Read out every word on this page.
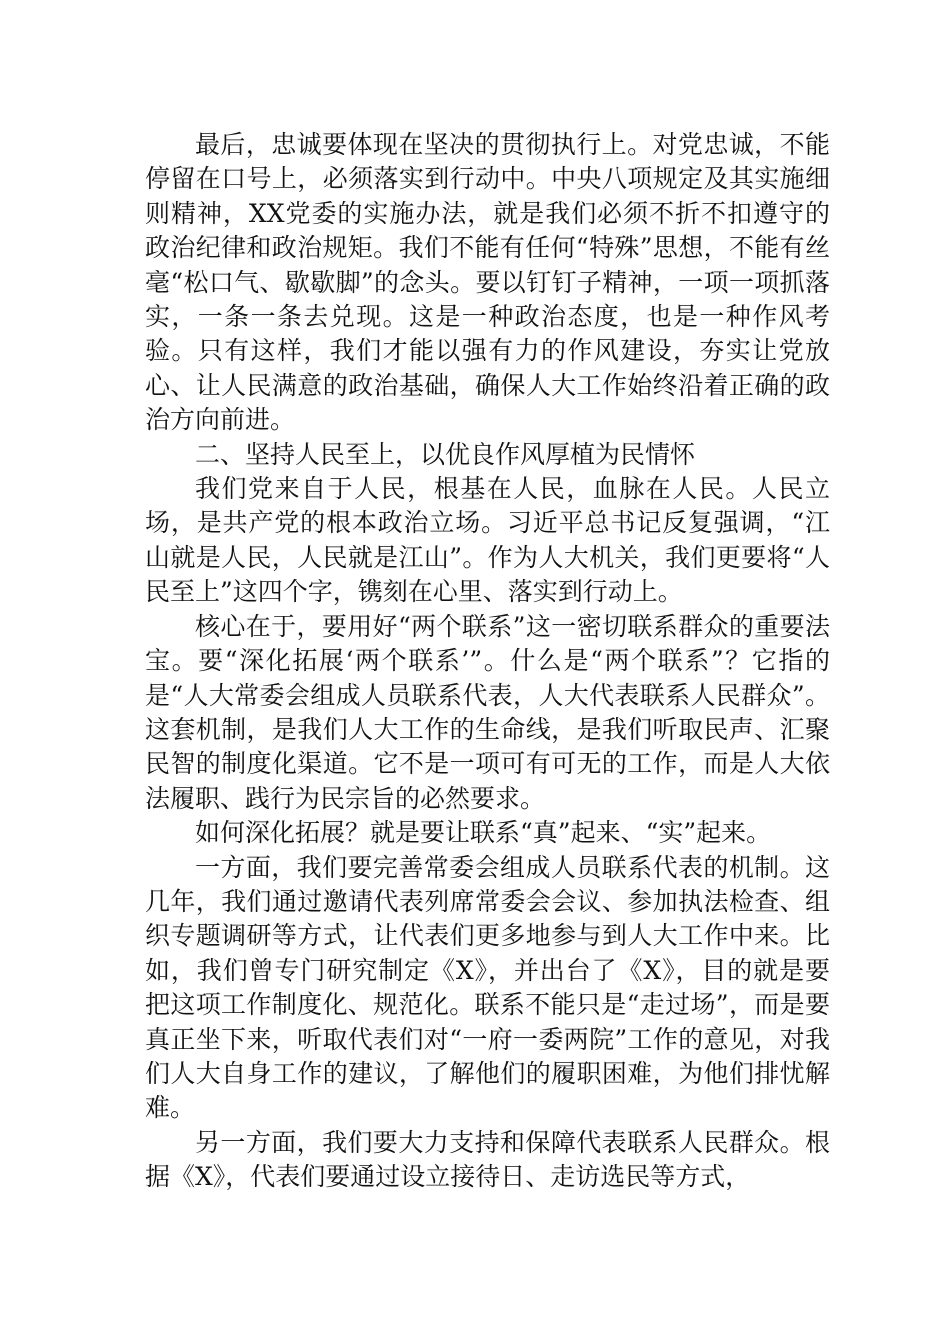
最后，忠诚要体现在坚决的贯彻执行上。对党忠诚，不能停留在口号上，必须落实到行动中。中央八项规定及其实施细则精神，XX党委的实施办法，就是我们必须不折不扣遵守的政治纪律和政治规矩。我们不能有任何“特殊”思想，不能有丝毫“松口气、歇歇脚”的念头。要以钉钉子精神，一项一项抓落实，一条一条去兑现。这是一种政治态度，也是一种作风考验。只有这样，我们才能以强有力的作风建设，夯实让党放心、让人民满意的政治基础，确保人大工作始终沿着正确的政治方向前进。

二、坚持人民至上，以优良作风厚植为民情怀

我们党来自于人民，根基在人民，血脉在人民。人民立场，是共产党的根本政治立场。习近平总书记反复强调，“江山就是人民，人民就是江山”。作为人大机关，我们更要将“人民至上”这四个字，镌刻在心里、落实到行动上。

核心在于，要用好“两个联系”这一密切联系群众的重要法宝。要“深化拓展‘两个联系’”。什么是“两个联系”？它指的是“人大常委会组成人员联系代表，人大代表联系人民群众”。这套机制，是我们人大工作的生命线，是我们听取民声、汇聚民智的制度化渠道。它不是一项可有可无的工作，而是人大依法履职、践行为民宗旨的必然要求。

如何深化拓展？就是要让联系“真”起来、“实”起来。

一方面，我们要完善常委会组成人员联系代表的机制。这几年，我们通过邀请代表列席常委会会议、参加执法检查、组织专题调研等方式，让代表们更多地参与到人大工作中来。比如，我们曾专门研究制定《X》，并出台了《X》，目的就是要把这项工作制度化、规范化。联系不能只是“走过场”，而是要真正坐下来，听取代表们对“一府一委两院”工作的意见，对我们人大自身工作的建议，了解他们的履职困难，为他们排忧解难。

另一方面，我们要大力支持和保障代表联系人民群众。根据《X》，代表们要通过设立接待日、走访选民等方式，
